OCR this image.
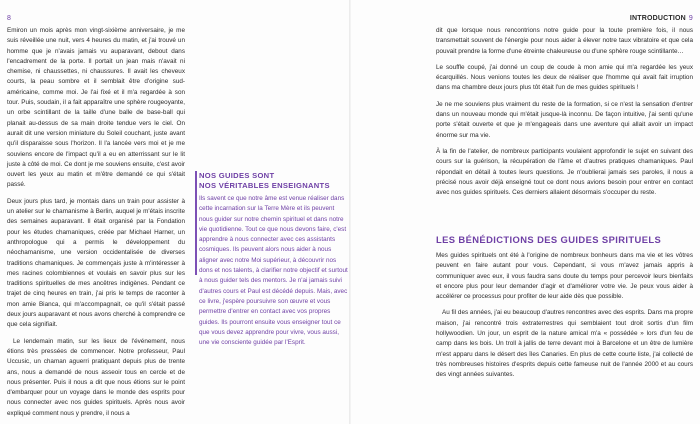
8

Emiron un mois après mon vingt-sixième anniversaire, je me suis réveillée une nuit, vers 4 heures du matin, et j'ai trouvé un homme que je n'avais jamais vu auparavant, debout dans l'encadrement de la porte. Il portait un jean mais n'avait ni chemise, ni chaussettes, ni chaussures. Il avait les cheveux courts, la peau sombre et il semblait être d'origine sud-américaine, comme moi. Je l'ai fixé et il m'a regardée à son tour. Puis, soudain, il a fait apparaître une sphère rougeoyante, un orbe scintillant de la taille d'une balle de base-ball qui planait au-dessus de sa main droite tendue vers le ciel. On aurait dit une version miniature du Soleil couchant, juste avant qu'il disparaisse sous l'horizon. Il l'a lancée vers moi et je me souviens encore de l'impact qu'il a eu en atterrissant sur le lit juste à côté de moi. Ce dont je me souviens ensuite, c'est avoir ouvert les yeux au matin et m'être demandé ce qui s'était passé.

Deux jours plus tard, je montais dans un train pour assister à un atelier sur le chamanisme à Berlin, auquel je m'étais inscrite des semaines auparavant. Il était organisé par la Fondation pour les études chamaniques, créée par Michael Harner, un anthropologue qui a permis le développement du néochamanisme, une version occidentalisée de diverses traditions chamaniques. Je commençais juste à m'intéresser à mes racines colombiennes et voulais en savoir plus sur les traditions spirituelles de mes ancêtres indigènes. Pendant ce trajet de cinq heures en train, j'ai pris le temps de raconter à mon amie Bianca, qui m'accompagnait, ce qu'il s'était passé deux jours auparavant et nous avons cherché à comprendre ce que cela signifiait.

Le lendemain matin, sur les lieux de l'événement, nous étions très pressées de commencer. Notre professeur, Paul Uccusic, un chaman aguerri pratiquant depuis plus de trente ans, nous a demandé de nous asseoir tous en cercle et de nous présenter. Puis il nous a dit que nous étions sur le point d'embarquer pour un voyage dans le monde des esprits pour nous connecter avec nos guides spirituels. Après nous avoir expliqué comment nous y prendre, il nous a

NOS GUIDES SONT
NOS VÉRITABLES ENSEIGNANTS
Ils savent ce que notre âme est venue réaliser dans cette incarnation sur la Terre Mère et ils peuvent nous guider sur notre chemin spirituel et dans notre vie quotidienne. Tout ce que nous devons faire, c'est apprendre à nous connecter avec ces assistants cosmiques. Ils peuvent alors nous aider à nous aligner avec notre Moi supérieur, à découvrir nos dons et nos talents, à clarifier notre objectif et surtout à nous guider tels des mentors. Je n'ai jamais suivi d'autres cours et Paul est décédé depuis. Mais, avec ce livre, j'espère poursuivre son œuvre et vous permettre d'entrer en contact avec vos propres guides. Ils pourront ensuite vous enseigner tout ce que vous devez apprendre pour vivre, vous aussi, une vie consciente guidée par l'Esprit.
INTRODUCTION 9

dit que lorsque nous rencontrions notre guide pour la toute première fois, il nous transmettait souvent de l'énergie pour nous aider à élever notre taux vibratoire et que cela pouvait prendre la forme d'une étreinte chaleureuse ou d'une sphère rouge scintillante…

Le souffle coupé, j'ai donné un coup de coude à mon amie qui m'a regardée les yeux écarquillés. Nous venions toutes les deux de réaliser que l'homme qui avait fait irruption dans ma chambre deux jours plus tôt était l'un de mes guides spirituels !

Je ne me souviens plus vraiment du reste de la formation, si ce n'est la sensation d'entrer dans un nouveau monde qui m'était jusque-là inconnu. De façon intuitive, j'ai senti qu'une porte s'était ouverte et que je m'engageais dans une aventure qui allait avoir un impact énorme sur ma vie.

À la fin de l'atelier, de nombreux participants voulaient approfondir le sujet en suivant des cours sur la guérison, la récupération de l'âme et d'autres pratiques chamaniques. Paul répondait en détail à toutes leurs questions. Je n'oublierai jamais ses paroles, il nous a précisé nous avoir déjà enseigné tout ce dont nous avions besoin pour entrer en contact avec nos guides spirituels. Ces derniers allaient désormais s'occuper du reste.

LES BÉNÉDICTIONS DES GUIDES SPIRITUELS

Mes guides spirituels ont été à l'origine de nombreux bonheurs dans ma vie et les vôtres peuvent en faire autant pour vous. Cependant, si vous m'avez jamais appris à communiquer avec eux, il vous faudra sans doute du temps pour percevoir leurs bienfaits et encore plus pour leur demander d'agir et d'améliorer votre vie. Je peux vous aider à accélérer ce processus pour profiter de leur aide dès que possible.

Au fil des années, j'ai eu beaucoup d'autres rencontres avec des esprits. Dans ma propre maison, j'ai rencontré trois extraterrestres qui semblaient tout droit sortis d'un film hollywoodien. Un jour, un esprit de la nature amical m'a « possédée » lors d'un feu de camp dans les bois. Un troll à jallis de terre devant moi à Barcelone et un être de lumière m'est apparu dans le désert des îles Canaries. En plus de cette courte liste, j'ai collecté de très nombreuses histoires d'esprits depuis cette fameuse nuit de l'année 2000 et au cours des vingt années suivantes.
